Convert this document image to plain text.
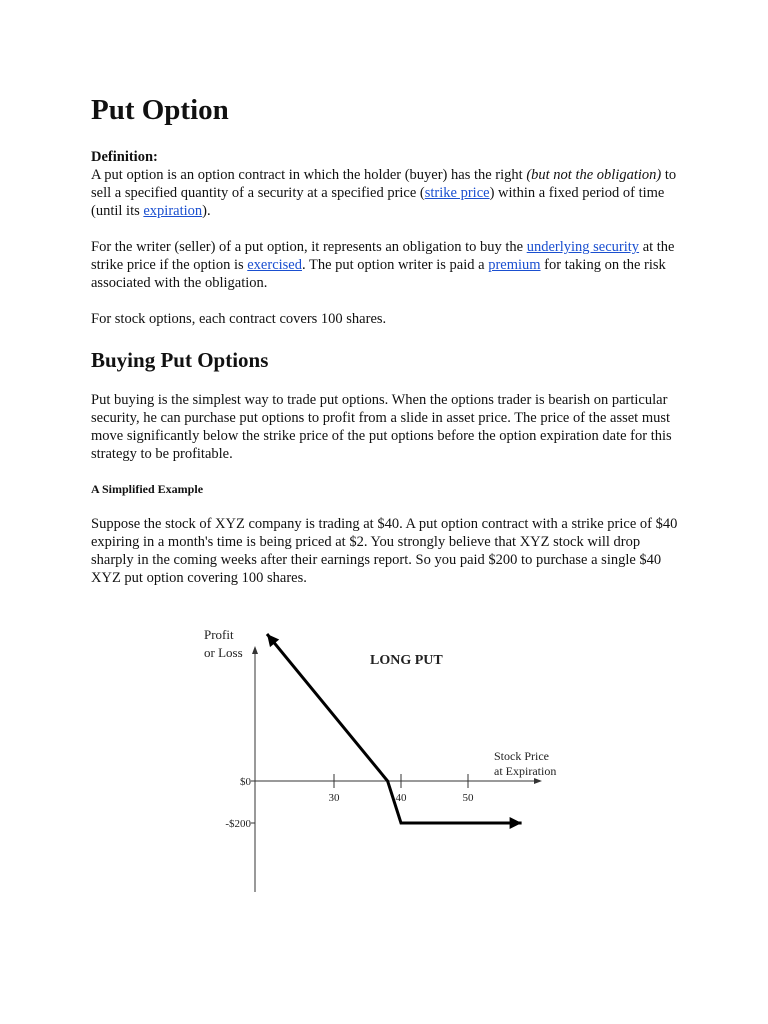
Put Option

Definition:

A put option is an option contract in which the holder (buyer) has the right (but not the obligation) to sell a specified quantity of a security at a specified price (strike price) within a fixed period of time (until its expiration).

For the writer (seller) of a put option, it represents an obligation to buy the underlying security at the strike price if the option is exercised. The put option writer is paid a premium for taking on the risk associated with the obligation.

For stock options, each contract covers 100 shares.

Buying Put Options

Put buying is the simplest way to trade put options. When the options trader is bearish on particular security, he can purchase put options to profit from a slide in asset price. The price of the asset must move significantly below the strike price of the put options before the option expiration date for this strategy to be profitable.

A Simplified Example

Suppose the stock of XYZ company is trading at $40. A put option contract with a strike price of $40 expiring in a month's time is being priced at $2. You strongly believe that XYZ stock will drop sharply in the coming weeks after their earnings report. So you paid $200 to purchase a single $40 XYZ put option covering 100 shares.

Profit
or Loss
LONG PUT
Stock Price
at Expiration
30	40	50
$0
-$200
